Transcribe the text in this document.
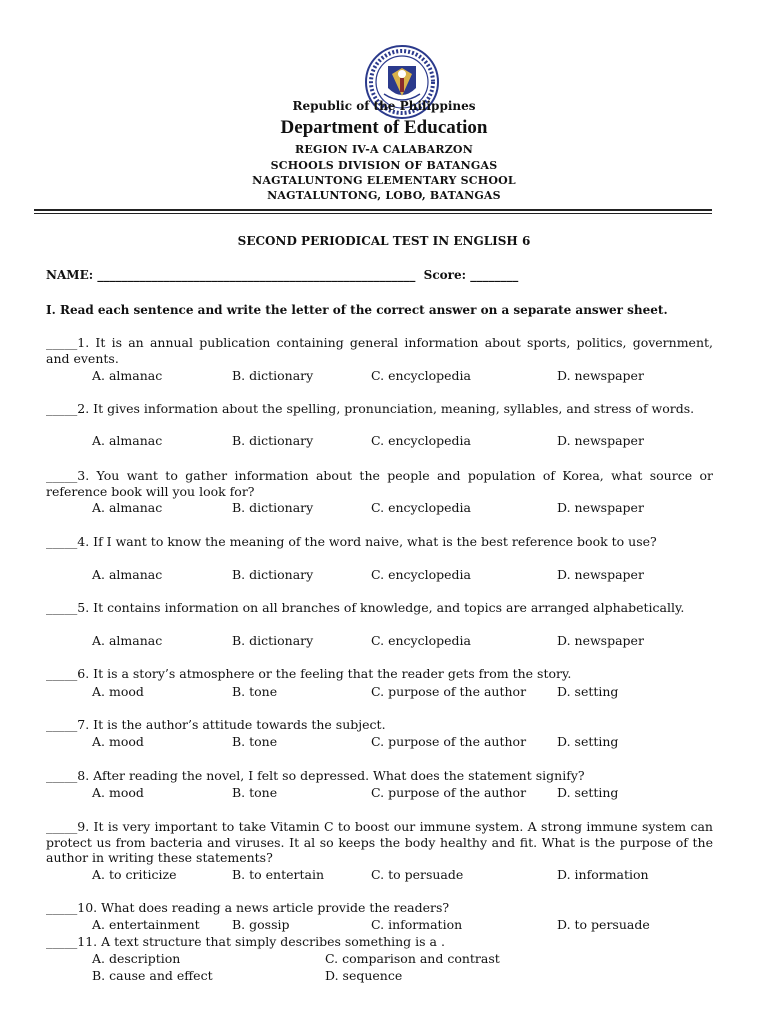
Republic of the Philippines
Department of Education
REGION IV-A CALABARZON
SCHOOLS DIVISION OF BATANGAS
NAGTALUNTONG ELEMENTARY SCHOOL
NAGTALUNTONG, LOBO, BATANGAS
SECOND PERIODICAL TEST IN ENGLISH 6
NAME: _____________________________________________________  Score: ________
I. Read each sentence and write the letter of the correct answer on a separate answer sheet.
_____1. It is an annual publication containing general information about sports, politics, government, and events.
A. almanac	B. dictionary	C. encyclopedia	D. newspaper
_____2. It gives information about the spelling, pronunciation, meaning, syllables, and stress of words.
A. almanac	B. dictionary	C. encyclopedia	D. newspaper
_____3. You want to gather information about the people and population of Korea, what source or reference book will you look for?
A. almanac	B. dictionary	C. encyclopedia	D. newspaper
_____4. If I want to know the meaning of the word naive, what is the best reference book to use?
A. almanac	B. dictionary	C. encyclopedia	D. newspaper
_____5. It contains information on all branches of knowledge, and topics are arranged alphabetically.
A. almanac	B. dictionary	C. encyclopedia	D. newspaper
_____6. It is a story’s atmosphere or the feeling that the reader gets from the story.
A. mood	B. tone	C. purpose of the author D. setting
_____7. It is the author’s attitude towards the subject.
A. mood	B. tone	C. purpose of the author D. setting
_____8. After reading the novel, I felt so depressed. What does the statement signify?
A. mood	B. tone	C. purpose of the author D. setting
_____9. It is very important to take Vitamin C to boost our immune system. A strong immune system can protect us from bacteria and viruses. It al so keeps the body healthy and fit. What is the purpose of the author in writing these statements?
A. to criticize	B. to entertain	C. to persuade	D. information
_____10. What does reading a news article provide the readers?
A. entertainment	B. gossip	C. information	D. to persuade
_____11. A text structure that simply describes something is a .
A. description	C. comparison and contrast
B. cause and effect	D. sequence
